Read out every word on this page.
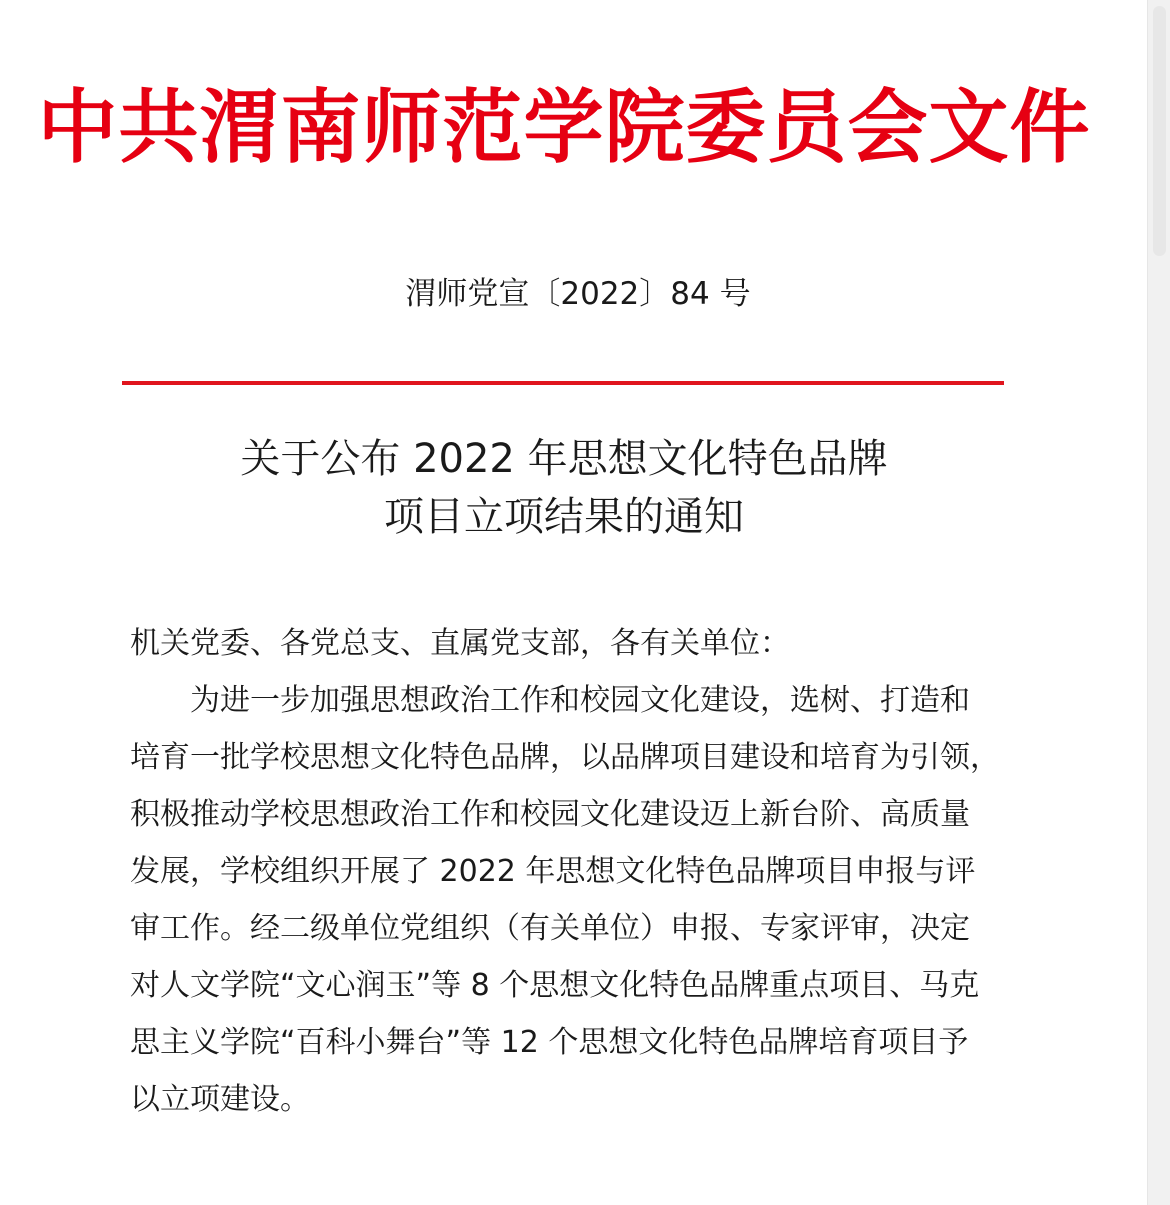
中共渭南师范学院委员会文件
渭师党宣〔2022〕84 号
关于公布 2022 年思想文化特色品牌
项目立项结果的通知
机关党委、各党总支、直属党支部，各有关单位：
为进一步加强思想政治工作和校园文化建设，选树、打造和
培育一批学校思想文化特色品牌，以品牌项目建设和培育为引领，
积极推动学校思想政治工作和校园文化建设迈上新台阶、高质量
发展，学校组织开展了 2022 年思想文化特色品牌项目申报与评
审工作。经二级单位党组织（有关单位）申报、专家评审，决定
对人文学院“文心润玉”等 8 个思想文化特色品牌重点项目、马克
思主义学院“百科小舞台”等 12 个思想文化特色品牌培育项目予
以立项建设。
